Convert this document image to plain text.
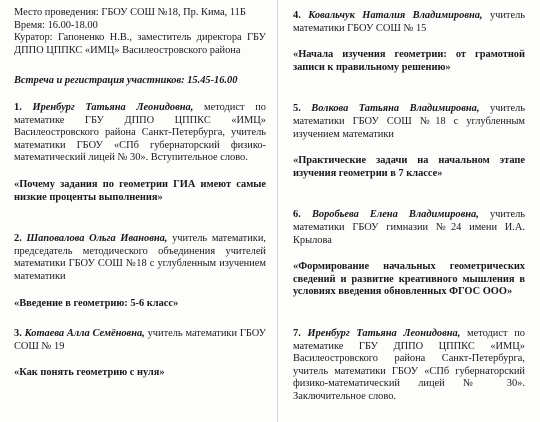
Место проведения: ГБОУ СОШ №18, Пр. Кима, 11Б

Время: 16.00-18.00

Куратор: Гапоненко Н.В., заместитель директора ГБУ ДППО ЦППКС «ИМЦ» Василеостровского района

Встреча и регистрация участников: 15.45-16.00

1. Иренбург Татьяна Леонидовна, методист по математике ГБУ ДППО ЦППКС «ИМЦ» Василеостровского района Санкт-Петербурга, учитель математики ГБОУ «СПб губернаторский физико-математический лицей № 30». Вступительное слово.

«Почему задания по геометрии ГИА имеют самые низкие проценты выполнения»

2. Шаповалова Ольга Ивановна, учитель математики, председатель методического объединения учителей математики ГБОУ СОШ №18 с углубленным изучением математики

«Введение в геометрию: 5-6 класс»

3. Котаева Алла Семёновна, учитель математики ГБОУ СОШ № 19

«Как понять геометрию с нуля»

4. Ковальчук Наталия Владимировна, учитель математики ГБОУ СОШ № 15

«Начала изучения геометрии: от грамотной записи к правильному решению»

5. Волкова Татьяна Владимировна, учитель математики ГБОУ СОШ №18 с углубленным изучением математики

«Практические задачи на начальном этапе изучения геометрии в 7 классе»

6. Воробьева Елена Владимировна, учитель математики ГБОУ гимназии №24 имени И.А. Крылова

«Формирование начальных геометрических сведений и развитие креативного мышления в условиях введения обновленных ФГОС ООО»

7. Иренбург Татьяна Леонидовна, методист по математике ГБУ ДППО ЦППКС «ИМЦ» Василеостровского района Санкт-Петербурга, учитель математики ГБОУ «СПб губернаторский физико-математический лицей № 30». Заключительное слово.
